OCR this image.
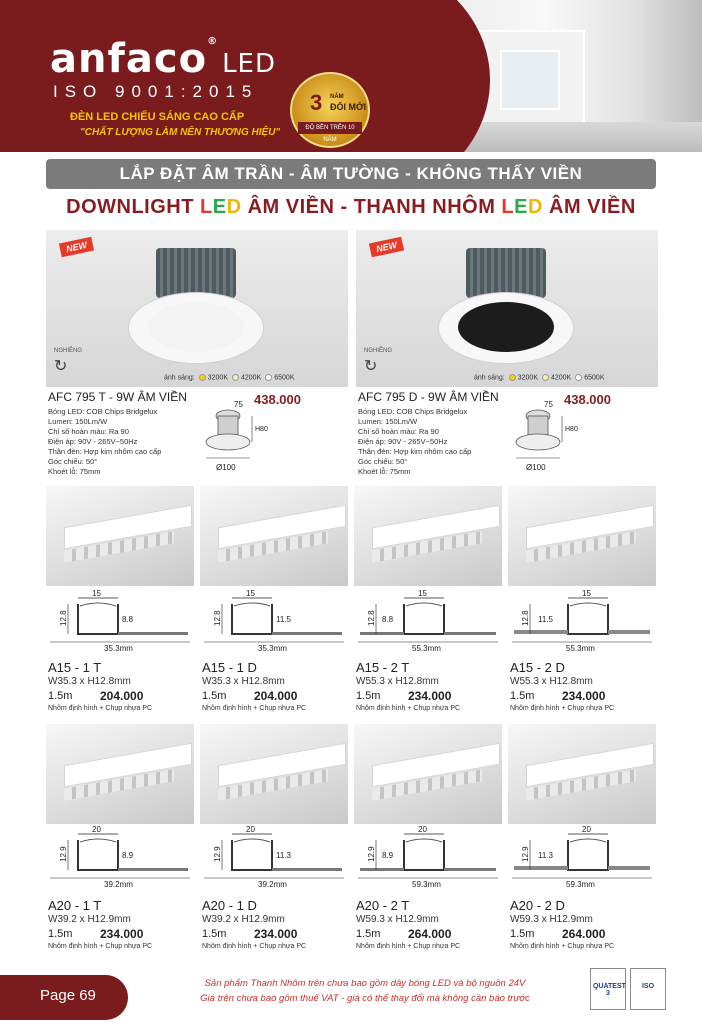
anfaco®LED
ISO 9001:2015
ĐÈN LED CHIẾU SÁNG CAO CẤP
"CHẤT LƯỢNG LÀM NÊN THƯƠNG HIỆU"
3 NĂM
ĐỔI MỚI
ĐỘ BỀN TRÊN 10 NĂM
LẮP ĐẶT ÂM TRẦN - ÂM TƯỜNG - KHÔNG THẤY VIỀN
DOWNLIGHT LED ÂM VIỀN - THANH NHÔM LED ÂM VIỀN
NEW
NGHIÊNG
↻
ánh sáng: 3200K 4200K 6500K
AFC 795 T - 9W ÂM VIỀN	438.000
Bóng LED: COB Chips Bridgelux
Lumen: 150Lm/W
Chỉ số hoàn màu: Ra 90
Điện áp: 90V - 265V~50Hz
Thân đèn: Hợp kim nhôm cao cấp
Góc chiếu: 50°
Khoét lỗ: 75mm
75
H80
Ø100
NEW
NGHIÊNG
↻
ánh sáng: 3200K 4200K 6500K
AFC 795 D - 9W ÂM VIỀN	438.000
Bóng LED: COB Chips Bridgelux
Lumen: 150Lm/W
Chỉ số hoàn màu: Ra 90
Điện áp: 90V - 265V~50Hz
Thân đèn: Hợp kim nhôm cao cấp
Góc chiếu: 50°
Khoét lỗ: 75mm
75
H80
Ø100
15
12.8	8.8
35.3mm
A15 - 1 T
W35.3 x H12.8mm
1.5m 204.000
Nhôm định hình + Chụp nhựa PC
15
12.8	11.5
35.3mm
A15 - 1 D
W35.3 x H12.8mm
1.5m 204.000
Nhôm định hình + Chụp nhựa PC
15
12.8 8.8
55.3mm
A15 - 2 T
W55.3 x H12.8mm
1.5m 234.000
Nhôm định hình + Chụp nhựa PC
15
12.8 11.5
55.3mm
A15 - 2 D
W55.3 x H12.8mm
1.5m 234.000
Nhôm định hình + Chụp nhựa PC
20
12.9	8.9
39.2mm
A20 - 1 T
W39.2 x H12.9mm
1.5m 234.000
Nhôm định hình + Chụp nhựa PC
20
12.9	11.3
39.2mm
A20 - 1 D
W39.2 x H12.9mm
1.5m 234.000
Nhôm định hình + Chụp nhựa PC
20
12.9 8.9
59.3mm
A20 - 2 T
W59.3 x H12.9mm
1.5m 264.000
Nhôm định hình + Chụp nhựa PC
20
12.9 11.3
59.3mm
A20 - 2 D
W59.3 x H12.9mm
1.5m 264.000
Nhôm định hình + Chụp nhựa PC
Page 69
Sản phẩm Thanh Nhôm trên chưa bao gồm dây bóng LED và bộ nguồn 24V
Giá trên chưa bao gồm thuế VAT - giá có thể thay đổi mà không cần báo trước
QUATEST 3
ISO
